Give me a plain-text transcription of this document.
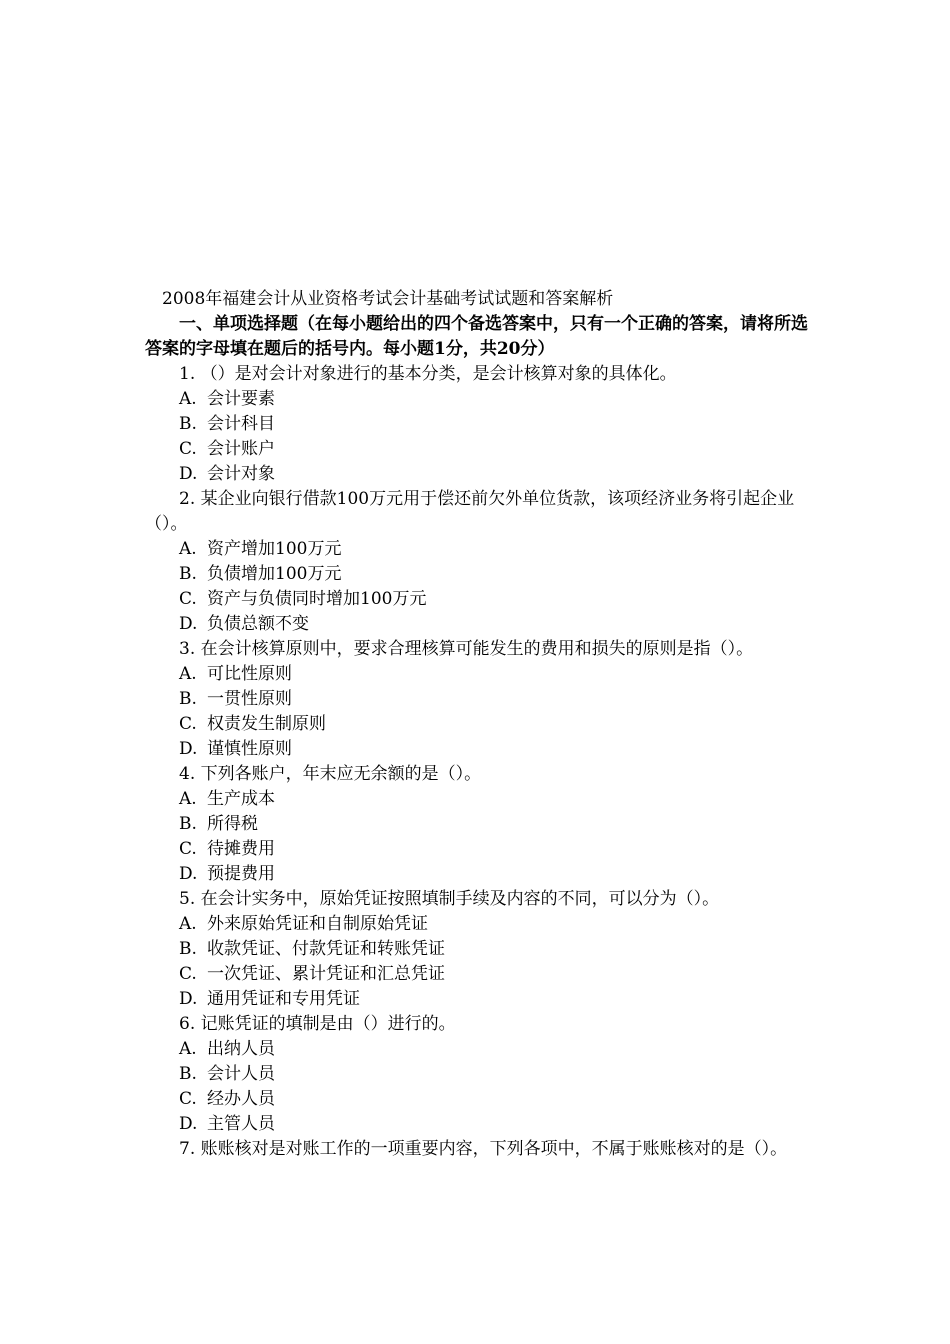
2008年福建会计从业资格考试会计基础考试试题和答案解析
一、单项选择题（在每小题给出的四个备选答案中，只有一个正确的答案，请将所选答案的字母填在题后的括号内。每小题1分，共20分）
1. （）是对会计对象进行的基本分类，是会计核算对象的具体化。
A. 会计要素
B. 会计科目
C. 会计账户
D. 会计对象
2. 某企业向银行借款100万元用于偿还前欠外单位货款，该项经济业务将引起企业（）。
A. 资产增加100万元
B. 负债增加100万元
C. 资产与负债同时增加100万元
D. 负债总额不变
3. 在会计核算原则中，要求合理核算可能发生的费用和损失的原则是指（）。
A. 可比性原则
B. 一贯性原则
C. 权责发生制原则
D. 谨慎性原则
4. 下列各账户，年末应无余额的是（）。
A. 生产成本
B. 所得税
C. 待摊费用
D. 预提费用
5. 在会计实务中，原始凭证按照填制手续及内容的不同，可以分为（）。
A. 外来原始凭证和自制原始凭证
B. 收款凭证、付款凭证和转账凭证
C. 一次凭证、累计凭证和汇总凭证
D. 通用凭证和专用凭证
6. 记账凭证的填制是由（）进行的。
A. 出纳人员
B. 会计人员
C. 经办人员
D. 主管人员
7. 账账核对是对账工作的一项重要内容，下列各项中，不属于账账核对的是（）。
